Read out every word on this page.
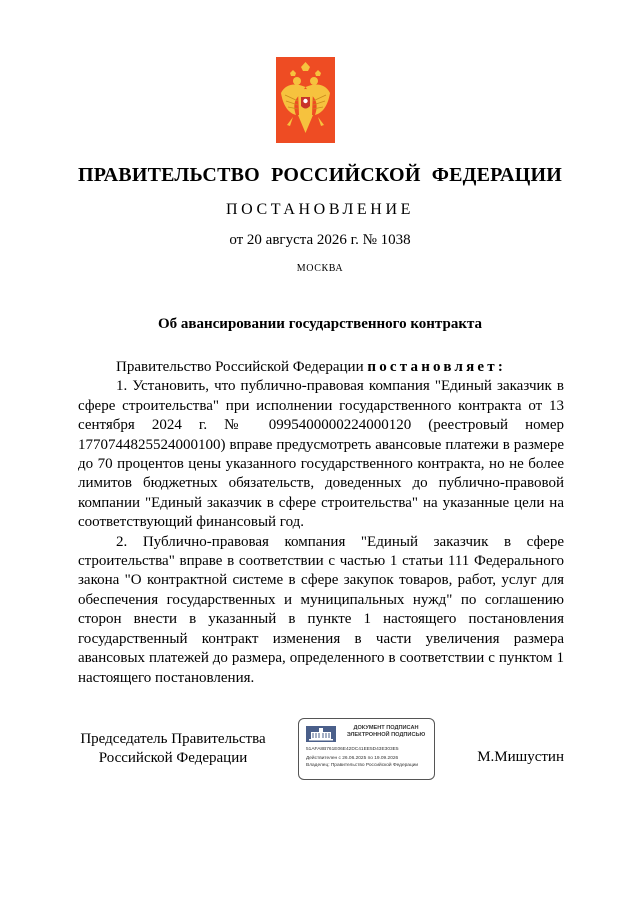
ПРАВИТЕЛЬСТВО РОССИЙСКОЙ ФЕДЕРАЦИИ
ПОСТАНОВЛЕНИЕ
от 20 августа 2026 г. № 1038
МОСКВА
Об авансировании государственного контракта

Правительство Российской Федерации постановляет:

1. Установить, что публично-правовая компания "Единый заказчик в сфере строительства" при исполнении государственного контракта от 13 сентября 2024 г. № 0995400000224000120 (реестровый номер 1770744825524000100) вправе предусмотреть авансовые платежи в размере до 70 процентов цены указанного государственного контракта, но не более лимитов бюджетных обязательств, доведенных до публично-правовой компании "Единый заказчик в сфере строительства" на указанные цели на соответствующий финансовый год.

2. Публично-правовая компания "Единый заказчик в сфере строительства" вправе в соответствии с частью 1 статьи 111 Федерального закона "О контрактной системе в сфере закупок товаров, работ, услуг для обеспечения государственных и муниципальных нужд" по соглашению сторон внести в указанный в пункте 1 настоящего постановления государственный контракт изменения в части увеличения размера авансовых платежей до размера, определенного в соответствии с пунктом 1 настоящего постановления.

Председатель Правительства
Российской Федерации
ДОКУМЕНТ ПОДПИСАН
ЭЛЕКТРОННОЙ ПОДПИСЬЮ
51AFA8B761E06E42DC41EE5D43E303E5
Действителен с 26.06.2025 по 19.09.2026
Владелец: Правительство Российской Федерации
М.Мишустин
